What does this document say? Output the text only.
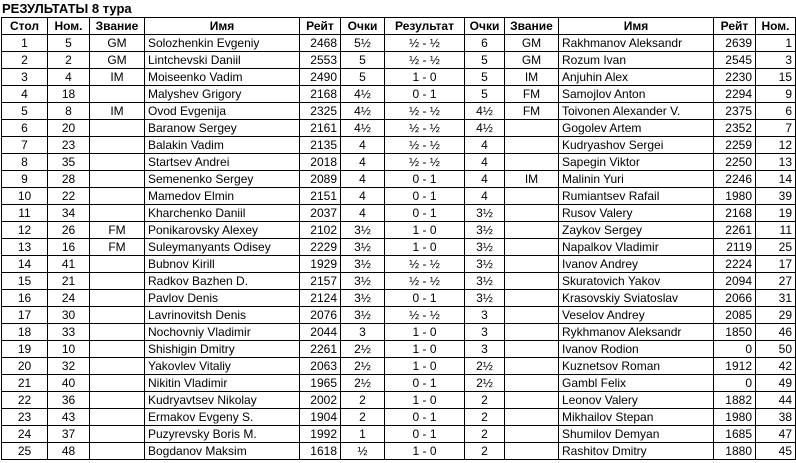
РЕЗУЛЬТАТЫ 8 тура
Стол	Ном.	Звание	Имя	Рейт	Очки	Результат	Очки	Звание	Имя	Рейт	Ном.
1	5	GM	Solozhenkin Evgeniy	2468	5½	½ - ½	6	GM	Rakhmanov Aleksandr	2639	1
2	2	GM	Lintchevski Daniil	2553	5	½ - ½	5	GM	Rozum Ivan	2545	3
3	4	IM	Moiseenko Vadim	2490	5	1 - 0	5	IM	Anjuhin Alex	2230	15
4	18		Malyshev Grigory	2168	4½	0 - 1	5	FM	Samojlov Anton	2294	9
5	8	IM	Ovod Evgenija	2325	4½	½ - ½	4½	FM	Toivonen Alexander V.	2375	6
6	20		Baranow Sergey	2161	4½	½ - ½	4½		Gogolev Artem	2352	7
7	23		Balakin Vadim	2135	4	½ - ½	4		Kudryashov Sergei	2259	12
8	35		Startsev Andrei	2018	4	½ - ½	4		Sapegin Viktor	2250	13
9	28		Semenenko Sergey	2089	4	0 - 1	4	IM	Malinin Yuri	2246	14
10	22		Mamedov Elmin	2151	4	0 - 1	4		Rumiantsev Rafail	1980	39
11	34		Kharchenko Daniil	2037	4	0 - 1	3½		Rusov Valery	2168	19
12	26	FM	Ponikarovsky Alexey	2102	3½	1 - 0	3½		Zaykov Sergey	2261	11
13	16	FM	Suleymanyants Odisey	2229	3½	1 - 0	3½		Napalkov Vladimir	2119	25
14	41		Bubnov Kirill	1929	3½	½ - ½	3½		Ivanov Andrey	2224	17
15	21		Radkov Bazhen D.	2157	3½	½ - ½	3½		Skuratovich Yakov	2094	27
16	24		Pavlov Denis	2124	3½	0 - 1	3½		Krasovskiy Sviatoslav	2066	31
17	30		Lavrinovitsh Denis	2076	3½	½ - ½	3		Veselov Andrey	2085	29
18	33		Nochovniy Vladimir	2044	3	1 - 0	3		Rykhmanov Aleksandr	1850	46
19	10		Shishigin Dmitry	2261	2½	1 - 0	3		Ivanov Rodion	0	50
20	32		Yakovlev Vitaliy	2063	2½	1 - 0	2½		Kuznetsov Roman	1912	42
21	40		Nikitin Vladimir	1965	2½	0 - 1	2½		Gambl Felix	0	49
22	36		Kudryavtsev Nikolay	2002	2	1 - 0	2		Leonov Valery	1882	44
23	43		Ermakov Evgeny S.	1904	2	0 - 1	2		Mikhailov Stepan	1980	38
24	37		Puzyrevsky Boris M.	1992	1	0 - 1	2		Shumilov Demyan	1685	47
25	48		Bogdanov Maksim	1618	½	1 - 0	2		Rashitov Dmitry	1880	45
